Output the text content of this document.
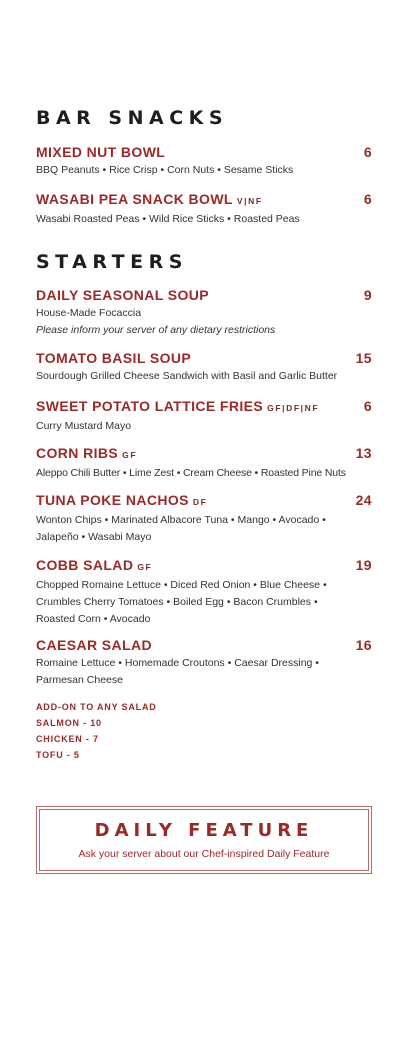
BAR SNACKS
MIXED NUT BOWL	6
BBQ Peanuts • Rice Crisp • Corn Nuts • Sesame Sticks
WASABI PEA SNACK BOWL V|NF	6
Wasabi Roasted Peas • Wild Rice Sticks • Roasted Peas
STARTERS
DAILY SEASONAL SOUP	9
House-Made Focaccia
Please inform your server of any dietary restrictions
TOMATO BASIL SOUP	15
Sourdough Grilled Cheese Sandwich with Basil and Garlic Butter
SWEET POTATO LATTICE FRIES GF|DF|NF	6
Curry Mustard Mayo
CORN RIBS GF	13
Aleppo Chili Butter • Lime Zest • Cream Cheese • Roasted Pine Nuts
TUNA POKE NACHOS DF	24
Wonton Chips • Marinated Albacore Tuna • Mango • Avocado • Jalapeño • Wasabi Mayo
COBB SALAD GF	19
Chopped Romaine Lettuce • Diced Red Onion • Blue Cheese • Crumbles Cherry Tomatoes • Boiled Egg • Bacon Crumbles • Roasted Corn • Avocado
CAESAR SALAD	16
Romaine Lettuce • Homemade Croutons • Caesar Dressing • Parmesan Cheese
ADD-ON TO ANY SALAD
SALMON - 10
CHICKEN - 7
TOFU - 5
DAILY FEATURE
Ask your server about our Chef-inspired Daily Feature
